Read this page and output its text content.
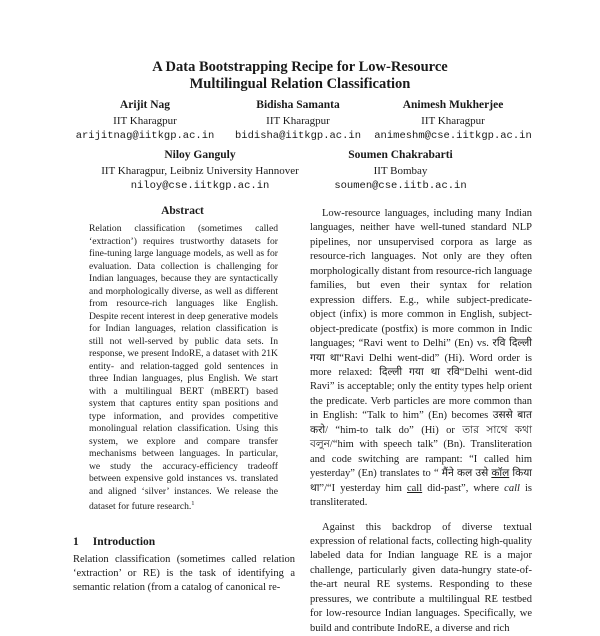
A Data Bootstrapping Recipe for Low-Resource
Multilingual Relation Classification
Arijit Nag
IIT Kharagpur
arijitnag@iitkgp.ac.in
Bidisha Samanta
IIT Kharagpur
bidisha@iitkgp.ac.in
Animesh Mukherjee
IIT Kharagpur
animeshm@cse.iitkgp.ac.in
Niloy Ganguly
IIT Kharagpur, Leibniz University Hannover
niloy@cse.iitkgp.ac.in
Soumen Chakrabarti
IIT Bombay
soumen@cse.iitb.ac.in
Abstract
Relation classification (sometimes called ‘extraction’) requires trustworthy datasets for fine-tuning large language models, as well as for evaluation. Data collection is challenging for Indian languages, because they are syntactically and morphologically diverse, as well as different from resource-rich languages like English. Despite recent interest in deep generative models for Indian languages, relation classification is still not well-served by public data sets. In response, we present IndoRE, a dataset with 21K entity- and relation-tagged gold sentences in three Indian languages, plus English. We start with a multilingual BERT (mBERT) based system that captures entity span positions and type information, and provides competitive monolingual relation classification. Using this system, we explore and compare transfer mechanisms between languages. In particular, we study the accuracy-efficiency tradeoff between expensive gold instances vs. translated and aligned ‘silver’ instances. We release the dataset for future research.$^1$
1 Introduction
Relation classification (sometimes called relation ‘extraction’ or RE) is the task of identifying a semantic relation (from a catalog of canonical re-

Low-resource languages, including many Indian languages, neither have well-tuned standard NLP pipelines, nor unsupervised corpora as large as resource-rich languages. Not only are they often morphologically distant from resource-rich language families, but even their syntax for relation expression differs. E.g., while subject-predicate-object (infix) is more common in English, subject-object-predicate (postfix) is more common in Indic languages; “Ravi went to Delhi” (En) vs. रवि दिल्ली गया था“Ravi Delhi went-did” (Hi). Word order is more relaxed: दिल्ली गया था रवि“Delhi went-did Ravi” is acceptable; only the entity types help orient the predicate. Verb particles are more common than in English: “Talk to him” (En) becomes उससे बात करो/ “him-to talk do” (Hi) or তার সাথে কথা বলুন/“him with speech talk” (Bn). Transliteration and code switching are rampant: “I called him yesterday” (En) translates to “ मैंने कल उसे कॉल किया था”/“I yesterday him call did-past”, where call is transliterated.

Against this backdrop of diverse textual expression of relational facts, collecting high-quality labeled data for Indian language RE is a major challenge, particularly given data-hungry state-of-the-art neural RE systems. Responding to these pressures, we contribute a multilingual RE testbed for low-resource Indian languages. Specifically, we build and contribute IndoRE, a diverse and rich
